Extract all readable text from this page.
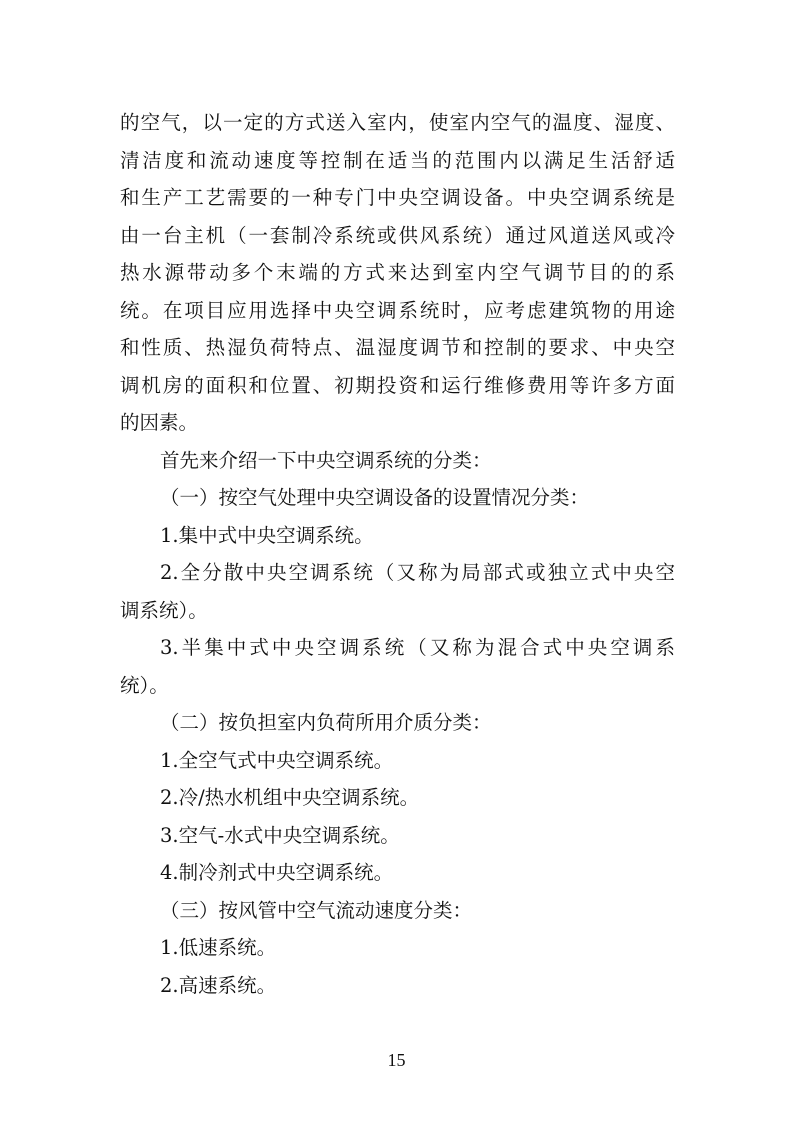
的空气，以一定的方式送入室内，使室内空气的温度、湿度、
清洁度和流动速度等控制在适当的范围内以满足生活舒适
和生产工艺需要的一种专门中央空调设备。中央空调系统是
由一台主机（一套制冷系统或供风系统）通过风道送风或冷
热水源带动多个末端的方式来达到室内空气调节目的的系
统。在项目应用选择中央空调系统时，应考虑建筑物的用途
和性质、热湿负荷特点、温湿度调节和控制的要求、中央空
调机房的面积和位置、初期投资和运行维修费用等许多方面
的因素。
首先来介绍一下中央空调系统的分类：
（一）按空气处理中央空调设备的设置情况分类：
1.集中式中央空调系统。
2.全分散中央空调系统（又称为局部式或独立式中央空
调系统）。
3.半集中式中央空调系统（又称为混合式中央空调系
统）。
（二）按负担室内负荷所用介质分类：
1.全空气式中央空调系统。
2.冷/热水机组中央空调系统。
3.空气-水式中央空调系统。
4.制冷剂式中央空调系统。
（三）按风管中空气流动速度分类：
1.低速系统。
2.高速系统。
15
